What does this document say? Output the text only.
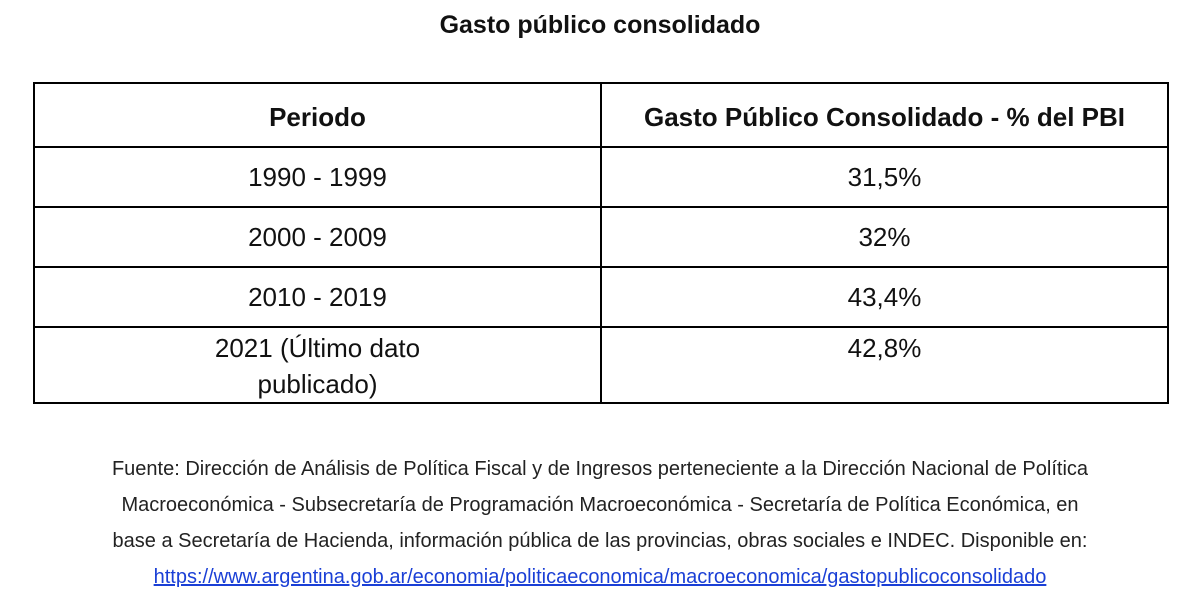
Gasto público consolidado
Periodo	Gasto Público Consolidado - % del PBI
1990 - 1999	31,5%
2000 - 2009	32%
2010 - 2019	43,4%
2021 (Último dato
publicado)	42,8%
Fuente: Dirección de Análisis de Política Fiscal y de Ingresos perteneciente a la Dirección Nacional de Política
Macroeconómica - Subsecretaría de Programación Macroeconómica - Secretaría de Política Económica, en
base a Secretaría de Hacienda, información pública de las provincias, obras sociales e INDEC. Disponible en:
https://www.argentina.gob.ar/economia/politicaeconomica/macroeconomica/gastopublicoconsolidado
